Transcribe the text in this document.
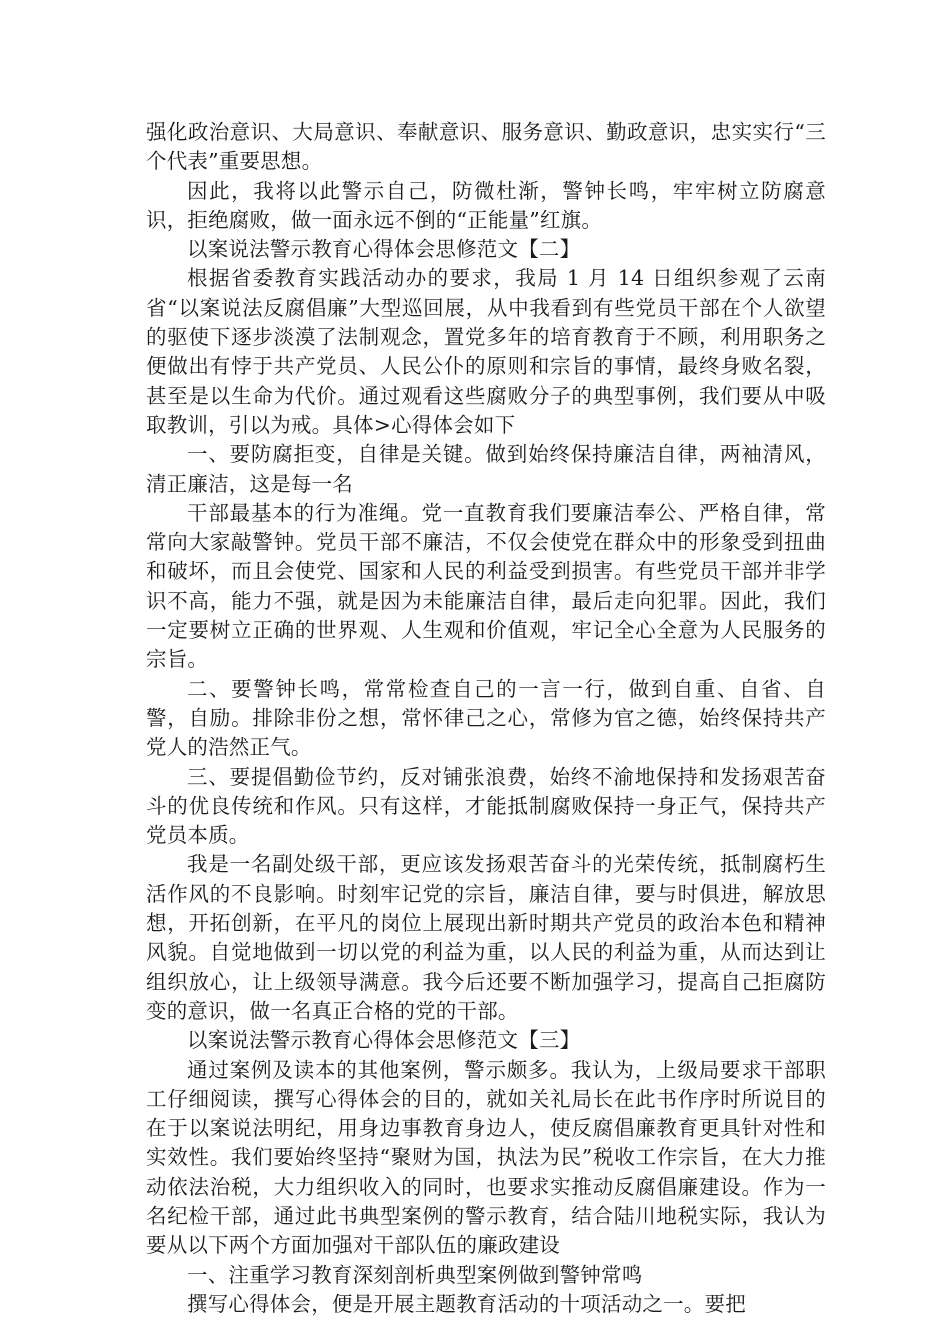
强化政治意识、大局意识、奉献意识、服务意识、勤政意识，忠实实行“三个代表”重要思想。

因此，我将以此警示自己，防微杜渐，警钟长鸣，牢牢树立防腐意识，拒绝腐败，做一面永远不倒的“正能量”红旗。

以案说法警示教育心得体会思修范文【二】

根据省委教育实践活动办的要求，我局 1 月 14 日组织参观了云南省“以案说法反腐倡廉”大型巡回展，从中我看到有些党员干部在个人欲望的驱使下逐步淡漠了法制观念，置党多年的培育教育于不顾，利用职务之便做出有悖于共产党员、人民公仆的原则和宗旨的事情，最终身败名裂，甚至是以生命为代价。通过观看这些腐败分子的典型事例，我们要从中吸取教训，引以为戒。具体>心得体会如下

一、要防腐拒变，自律是关键。做到始终保持廉洁自律，两袖清风，清正廉洁，这是每一名

干部最基本的行为准绳。党一直教育我们要廉洁奉公、严格自律，常常向大家敲警钟。党员干部不廉洁，不仅会使党在群众中的形象受到扭曲和破坏，而且会使党、国家和人民的利益受到损害。有些党员干部并非学识不高，能力不强，就是因为未能廉洁自律，最后走向犯罪。因此，我们一定要树立正确的世界观、人生观和价值观，牢记全心全意为人民服务的宗旨。

二、要警钟长鸣，常常检查自己的一言一行，做到自重、自省、自警，自励。排除非份之想，常怀律己之心，常修为官之德，始终保持共产党人的浩然正气。

三、要提倡勤俭节约，反对铺张浪费，始终不渝地保持和发扬艰苦奋斗的优良传统和作风。只有这样，才能抵制腐败保持一身正气，保持共产党员本质。

我是一名副处级干部，更应该发扬艰苦奋斗的光荣传统，抵制腐朽生活作风的不良影响。时刻牢记党的宗旨，廉洁自律，要与时俱进，解放思想，开拓创新，在平凡的岗位上展现出新时期共产党员的政治本色和精神风貌。自觉地做到一切以党的利益为重，以人民的利益为重，从而达到让组织放心，让上级领导满意。我今后还要不断加强学习，提高自己拒腐防变的意识，做一名真正合格的党的干部。

以案说法警示教育心得体会思修范文【三】

通过案例及读本的其他案例，警示颇多。我认为，上级局要求干部职工仔细阅读，撰写心得体会的目的，就如关礼局长在此书作序时所说目的在于以案说法明纪，用身边事教育身边人，使反腐倡廉教育更具针对性和实效性。我们要始终坚持“聚财为国，执法为民”税收工作宗旨，在大力推动依法治税，大力组织收入的同时，也要求实推动反腐倡廉建设。作为一名纪检干部，通过此书典型案例的警示教育，结合陆川地税实际，我认为要从以下两个方面加强对干部队伍的廉政建设

一、注重学习教育深刻剖析典型案例做到警钟常鸣

撰写心得体会，便是开展主题教育活动的十项活动之一。要把
